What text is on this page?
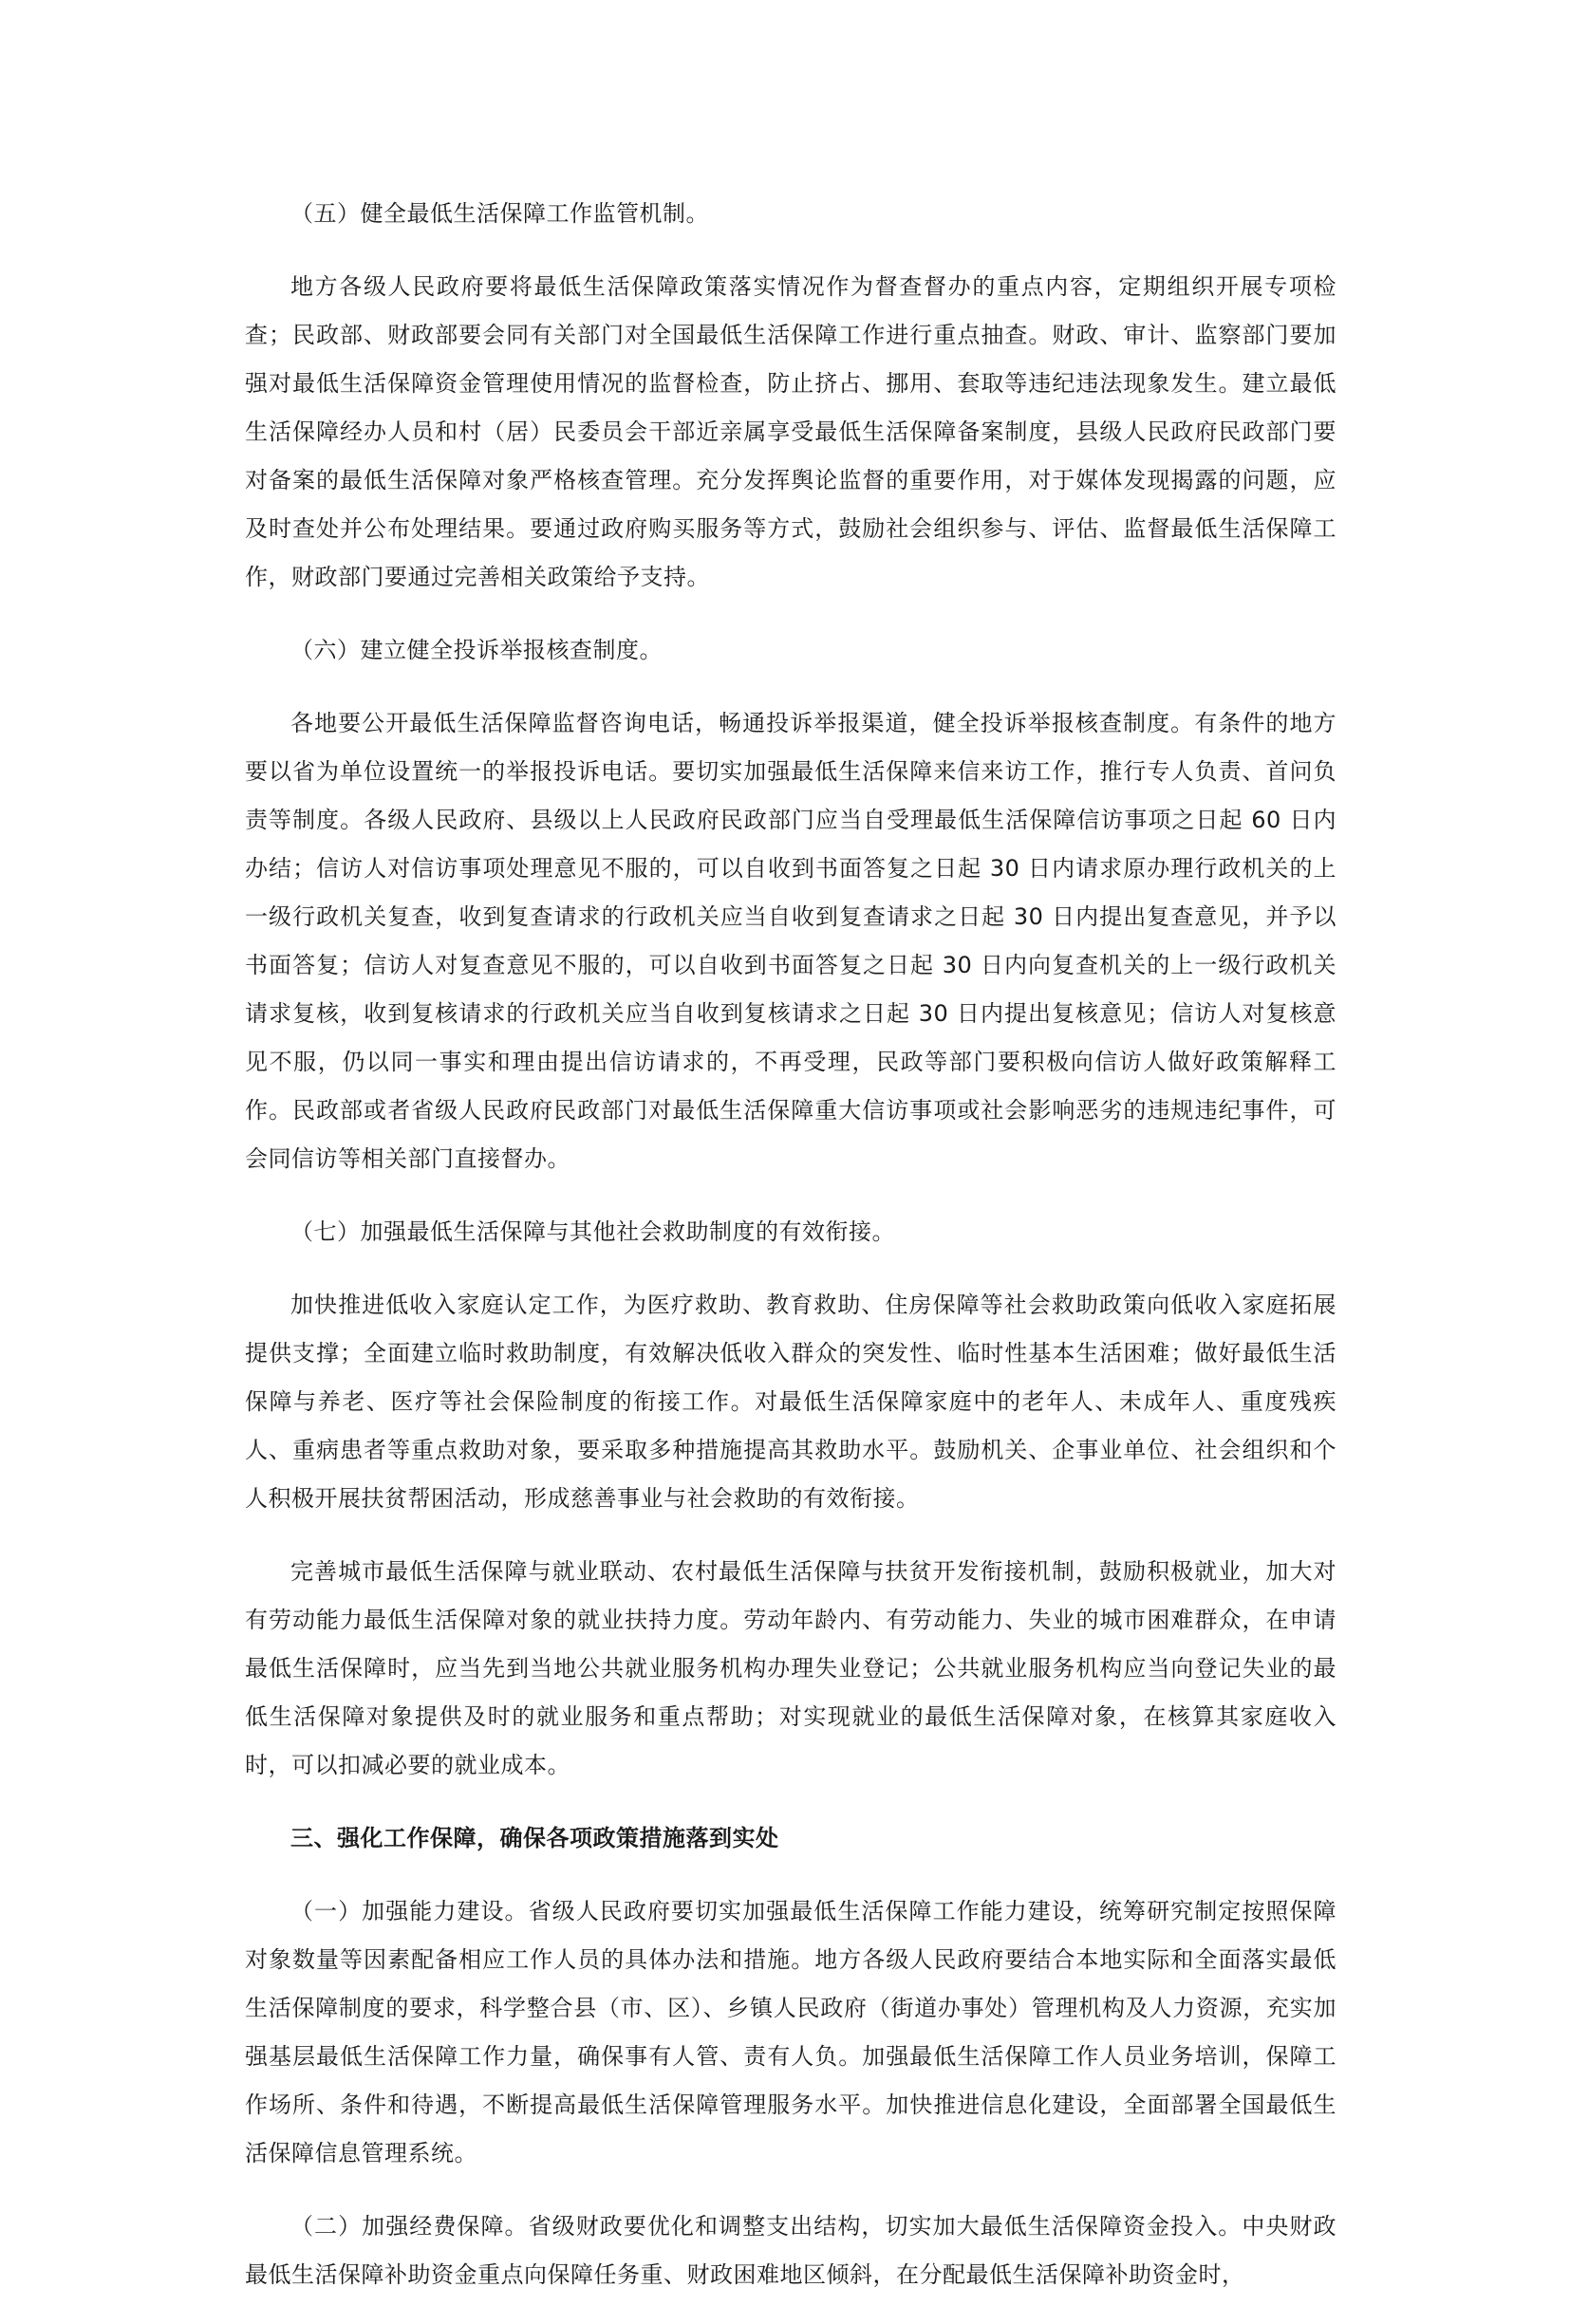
（五）健全最低生活保障工作监管机制。

地方各级人民政府要将最低生活保障政策落实情况作为督查督办的重点内容，定期组织开展专项检查；民政部、财政部要会同有关部门对全国最低生活保障工作进行重点抽查。财政、审计、监察部门要加强对最低生活保障资金管理使用情况的监督检查，防止挤占、挪用、套取等违纪违法现象发生。建立最低生活保障经办人员和村（居）民委员会干部近亲属享受最低生活保障备案制度，县级人民政府民政部门要对备案的最低生活保障对象严格核查管理。充分发挥舆论监督的重要作用，对于媒体发现揭露的问题，应及时查处并公布处理结果。要通过政府购买服务等方式，鼓励社会组织参与、评估、监督最低生活保障工作，财政部门要通过完善相关政策给予支持。

（六）建立健全投诉举报核查制度。

各地要公开最低生活保障监督咨询电话，畅通投诉举报渠道，健全投诉举报核查制度。有条件的地方要以省为单位设置统一的举报投诉电话。要切实加强最低生活保障来信来访工作，推行专人负责、首问负责等制度。各级人民政府、县级以上人民政府民政部门应当自受理最低生活保障信访事项之日起 60 日内办结；信访人对信访事项处理意见不服的，可以自收到书面答复之日起 30 日内请求原办理行政机关的上一级行政机关复查，收到复查请求的行政机关应当自收到复查请求之日起 30 日内提出复查意见，并予以书面答复；信访人对复查意见不服的，可以自收到书面答复之日起 30 日内向复查机关的上一级行政机关请求复核，收到复核请求的行政机关应当自收到复核请求之日起 30 日内提出复核意见；信访人对复核意见不服，仍以同一事实和理由提出信访请求的，不再受理，民政等部门要积极向信访人做好政策解释工作。民政部或者省级人民政府民政部门对最低生活保障重大信访事项或社会影响恶劣的违规违纪事件，可会同信访等相关部门直接督办。

（七）加强最低生活保障与其他社会救助制度的有效衔接。

加快推进低收入家庭认定工作，为医疗救助、教育救助、住房保障等社会救助政策向低收入家庭拓展提供支撑；全面建立临时救助制度，有效解决低收入群众的突发性、临时性基本生活困难；做好最低生活保障与养老、医疗等社会保险制度的衔接工作。对最低生活保障家庭中的老年人、未成年人、重度残疾人、重病患者等重点救助对象，要采取多种措施提高其救助水平。鼓励机关、企事业单位、社会组织和个人积极开展扶贫帮困活动，形成慈善事业与社会救助的有效衔接。

完善城市最低生活保障与就业联动、农村最低生活保障与扶贫开发衔接机制，鼓励积极就业，加大对有劳动能力最低生活保障对象的就业扶持力度。劳动年龄内、有劳动能力、失业的城市困难群众，在申请最低生活保障时，应当先到当地公共就业服务机构办理失业登记；公共就业服务机构应当向登记失业的最低生活保障对象提供及时的就业服务和重点帮助；对实现就业的最低生活保障对象，在核算其家庭收入时，可以扣减必要的就业成本。

三、强化工作保障，确保各项政策措施落到实处

（一）加强能力建设。省级人民政府要切实加强最低生活保障工作能力建设，统筹研究制定按照保障对象数量等因素配备相应工作人员的具体办法和措施。地方各级人民政府要结合本地实际和全面落实最低生活保障制度的要求，科学整合县（市、区）、乡镇人民政府（街道办事处）管理机构及人力资源，充实加强基层最低生活保障工作力量，确保事有人管、责有人负。加强最低生活保障工作人员业务培训，保障工作场所、条件和待遇，不断提高最低生活保障管理服务水平。加快推进信息化建设，全面部署全国最低生活保障信息管理系统。

（二）加强经费保障。省级财政要优化和调整支出结构，切实加大最低生活保障资金投入。中央财政最低生活保障补助资金重点向保障任务重、财政困难地区倾斜，在分配最低生活保障补助资金时，
